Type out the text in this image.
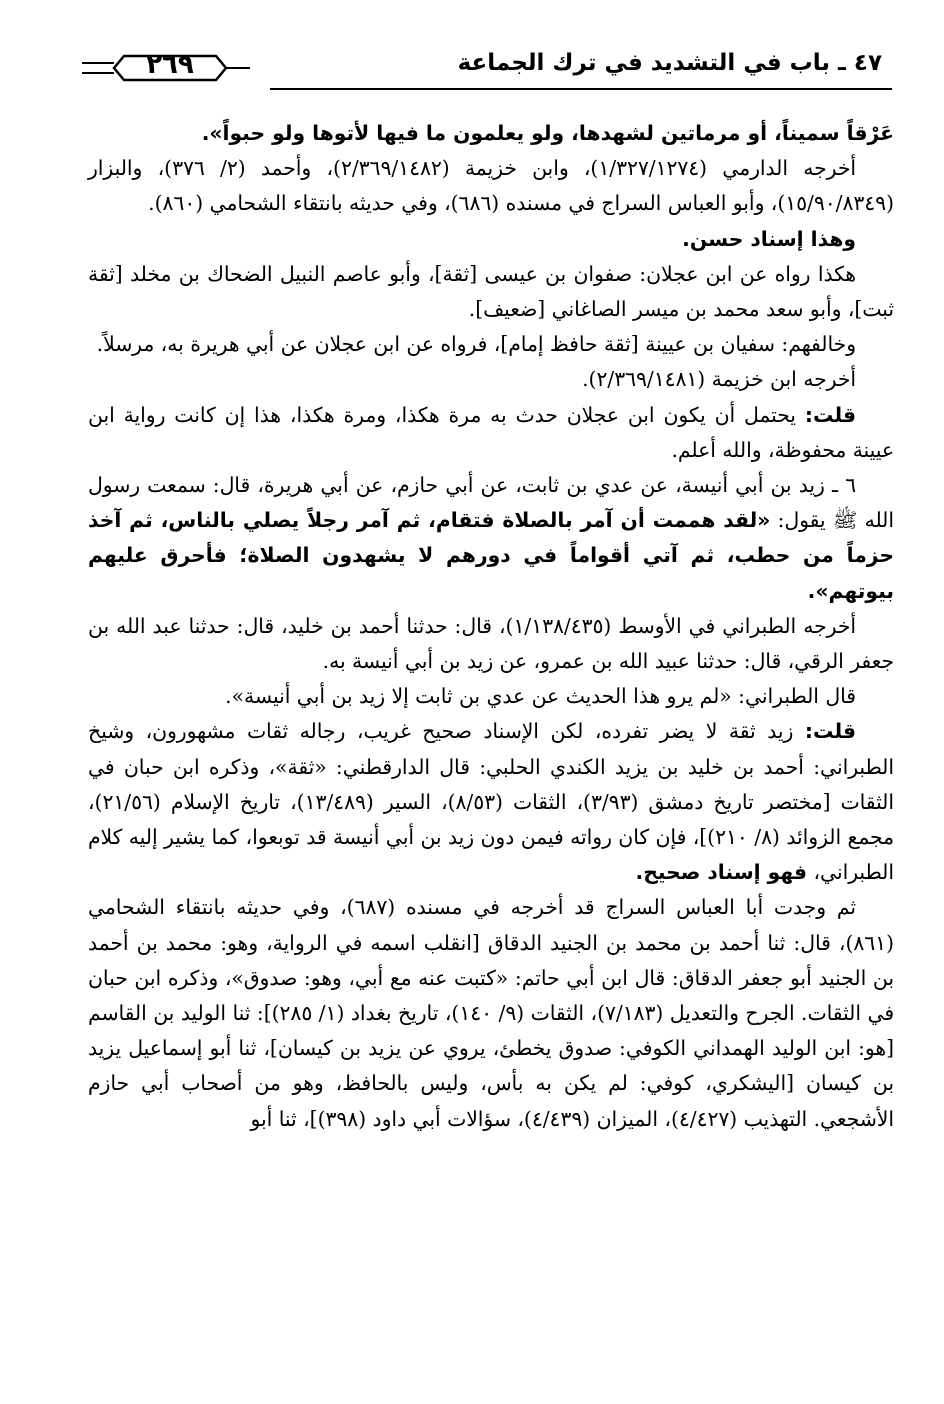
٤٧ ـ باب في التشديد في ترك الجماعة
٢٦٩

عَرْقاً سميناً، أو مرماتين لشهدها، ولو يعلمون ما فيها لأتوها ولو حبواً».

أخرجه الدارمي (١/٣٢٧/١٢٧٤)، وابن خزيمة (٢/٣٦٩/١٤٨٢)، وأحمد (٢/ ٣٧٦)، والبزار (١٥/٩٠/٨٣٤٩)، وأبو العباس السراج في مسنده (٦٨٦)، وفي حديثه بانتقاء الشحامي (٨٦٠).

وهذا إسناد حسن.

هكذا رواه عن ابن عجلان: صفوان بن عيسى [ثقة]، وأبو عاصم النبيل الضحاك بن مخلد [ثقة ثبت]، وأبو سعد محمد بن ميسر الصاغاني [ضعيف].

وخالفهم: سفيان بن عيينة [ثقة حافظ إمام]، فرواه عن ابن عجلان عن أبي هريرة به، مرسلاً.

أخرجه ابن خزيمة (٢/٣٦٩/١٤٨١).

قلت: يحتمل أن يكون ابن عجلان حدث به مرة هكذا، ومرة هكذا، هذا إن كانت رواية ابن عيينة محفوظة، والله أعلم.

٦ ـ زيد بن أبي أنيسة، عن عدي بن ثابت، عن أبي حازم، عن أبي هريرة، قال: سمعت رسول الله ﷺ يقول: «لقد هممت أن آمر بالصلاة فتقام، ثم آمر رجلاً يصلي بالناس، ثم آخذ حزماً من حطب، ثم آتي أقواماً في دورهم لا يشهدون الصلاة؛ فأحرق عليهم بيوتهم».

أخرجه الطبراني في الأوسط (١/١٣٨/٤٣٥)، قال: حدثنا أحمد بن خليد، قال: حدثنا عبد الله بن جعفر الرقي، قال: حدثنا عبيد الله بن عمرو، عن زيد بن أبي أنيسة به.

قال الطبراني: «لم يرو هذا الحديث عن عدي بن ثابت إلا زيد بن أبي أنيسة».

قلت: زيد ثقة لا يضر تفرده، لكن الإسناد صحيح غريب، رجاله ثقات مشهورون، وشيخ الطبراني: أحمد بن خليد بن يزيد الكندي الحلبي: قال الدارقطني: «ثقة»، وذكره ابن حبان في الثقات [مختصر تاريخ دمشق (٣/٩٣)، الثقات (٨/٥٣)، السير (١٣/٤٨٩)، تاريخ الإسلام (٢١/٥٦)، مجمع الزوائد (٨/ ٢١٠)]، فإن كان رواته فيمن دون زيد بن أبي أنيسة قد توبعوا، كما يشير إليه كلام الطبراني، فهو إسناد صحيح.

ثم وجدت أبا العباس السراج قد أخرجه في مسنده (٦٨٧)، وفي حديثه بانتقاء الشحامي (٨٦١)، قال: ثنا أحمد بن محمد بن الجنيد الدقاق [انقلب اسمه في الرواية، وهو: محمد بن أحمد بن الجنيد أبو جعفر الدقاق: قال ابن أبي حاتم: «كتبت عنه مع أبي، وهو: صدوق»، وذكره ابن حبان في الثقات. الجرح والتعديل (٧/١٨٣)، الثقات (٩/ ١٤٠)، تاريخ بغداد (١/ ٢٨٥)]: ثنا الوليد بن القاسم [هو: ابن الوليد الهمداني الكوفي: صدوق يخطئ، يروي عن يزيد بن كيسان]، ثنا أبو إسماعيل يزيد بن كيسان [اليشكري، كوفي: لم يكن به بأس، وليس بالحافظ، وهو من أصحاب أبي حازم الأشجعي. التهذيب (٤/٤٢٧)، الميزان (٤/٤٣٩)، سؤالات أبي داود (٣٩٨)]، ثنا أبو
